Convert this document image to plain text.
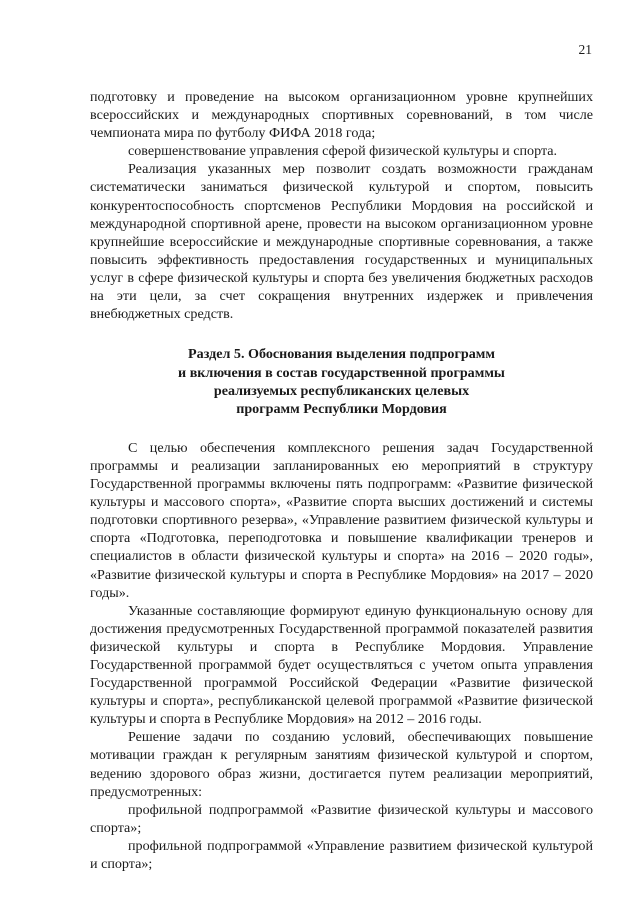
21

подготовку и проведение на высоком организационном уровне крупнейших всероссийских и международных спортивных соревнований, в том числе чемпионата мира по футболу ФИФА 2018 года;

совершенствование управления сферой физической культуры и спорта.

Реализация указанных мер позволит создать возможности гражданам систематически заниматься физической культурой и спортом, повысить конкурентоспособность спортсменов Республики Мордовия на российской и международной спортивной арене, провести на высоком организационном уровне крупнейшие всероссийские и международные спортивные соревнования, а также повысить эффективность предоставления государственных и муниципальных услуг в сфере физической культуры и спорта без увеличения бюджетных расходов на эти цели, за счет сокращения внутренних издержек и привлечения внебюджетных средств.

Раздел 5. Обоснования выделения подпрограмм
и включения в состав государственной программы
реализуемых республиканских целевых
программ Республики Мордовия

С целью обеспечения комплексного решения задач Государственной программы и реализации запланированных ею мероприятий в структуру Государственной программы включены пять подпрограмм: «Развитие физической культуры и массового спорта», «Развитие спорта высших достижений и системы подготовки спортивного резерва», «Управление развитием физической культуры и спорта «Подготовка, переподготовка и повышение квалификации тренеров и специалистов в области физической культуры и спорта» на 2016 – 2020 годы», «Развитие физической культуры и спорта в Республике Мордовия» на 2017 – 2020 годы».

Указанные составляющие формируют единую функциональную основу для достижения предусмотренных Государственной программой показателей развития физической культуры и спорта в Республике Мордовия. Управление Государственной программой будет осуществляться с учетом опыта управления Государственной программой Российской Федерации «Развитие физической культуры и спорта», республиканской целевой программой «Развитие физической культуры и спорта в Республике Мордовия» на 2012 – 2016 годы.

Решение задачи по созданию условий, обеспечивающих повышение мотивации граждан к регулярным занятиям физической культурой и спортом, ведению здорового образ жизни, достигается путем реализации мероприятий, предусмотренных:

профильной подпрограммой «Развитие физической культуры и массового спорта»;

профильной подпрограммой «Управление развитием физической культурой и спорта»;
